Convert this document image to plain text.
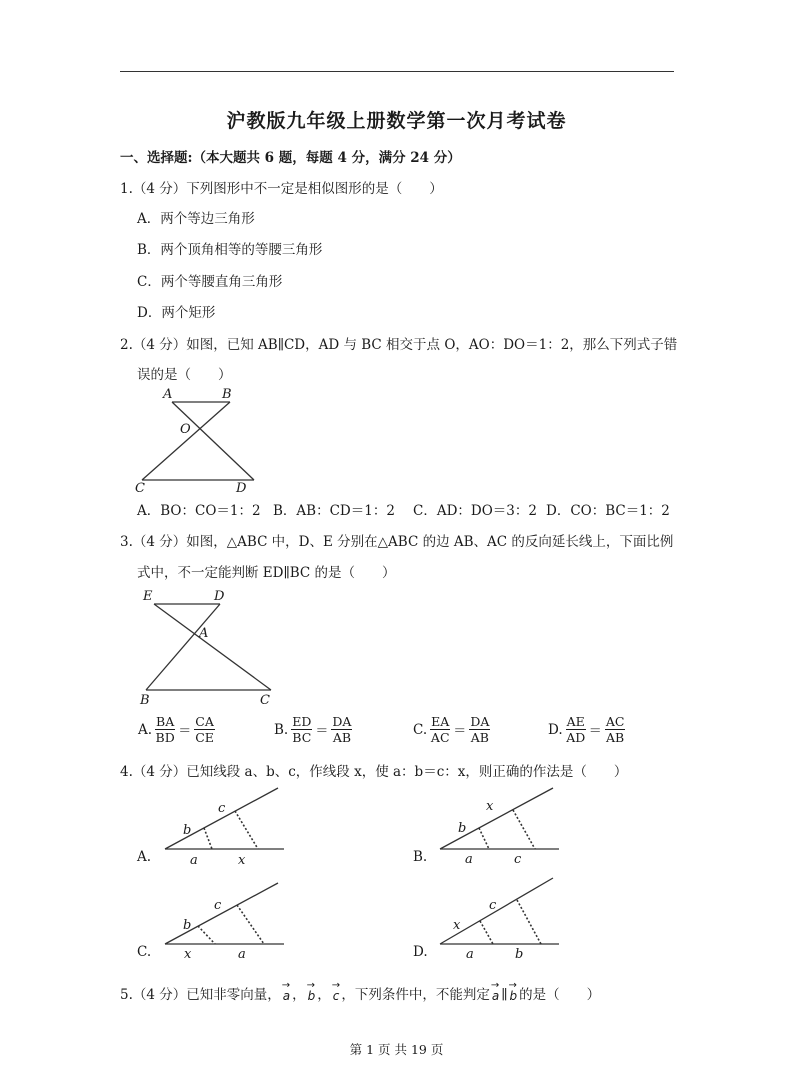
沪教版九年级上册数学第一次月考试卷
一、选择题:（本大题共 6 题，每题 4 分，满分 24 分）
1.（4 分）下列图形中不一定是相似图形的是（　　）
A．两个等边三角形
B．两个顶角相等的等腰三角形
C．两个等腰直角三角形
D．两个矩形
2.（4 分）如图，已知 AB∥CD，AD 与 BC 相交于点 O，AO：DO＝1：2，那么下列式子错
误的是（　　）
A	B
O
C	D
A．BO：CO＝1：2 B．AB：CD＝1：2 C．AD：DO＝3：2 D．CO：BC＝1：2
3.（4 分）如图，△ABC 中，D、E 分别在△ABC 的边 AB、AC 的反向延长线上，下面比例
式中，不一定能判断 ED∥BC 的是（　　）
E	D
A
B	C
A. $\frac{BA}{BD} = \frac{CA}{CE}$	B. $\frac{ED}{BC} = \frac{DA}{AB}$	C. $\frac{EA}{AC} = \frac{DA}{AB}$	D. $\frac{AE}{AD} = \frac{AC}{AB}$
4.（4 分）已知线段 a、b、c，作线段 x，使 a：b＝c：x，则正确的作法是（　　）
A.
b
c
a	x	B.
b
x
a	c
C.
b
c
x	a	D.
x
c
a	b
5.（4 分）已知非零向量，
→
a ，
→
b ，
→
c ，下列条件中，不能判定
→
a ∥
→
b 的是（　　）
第 1 页 共 19 页
